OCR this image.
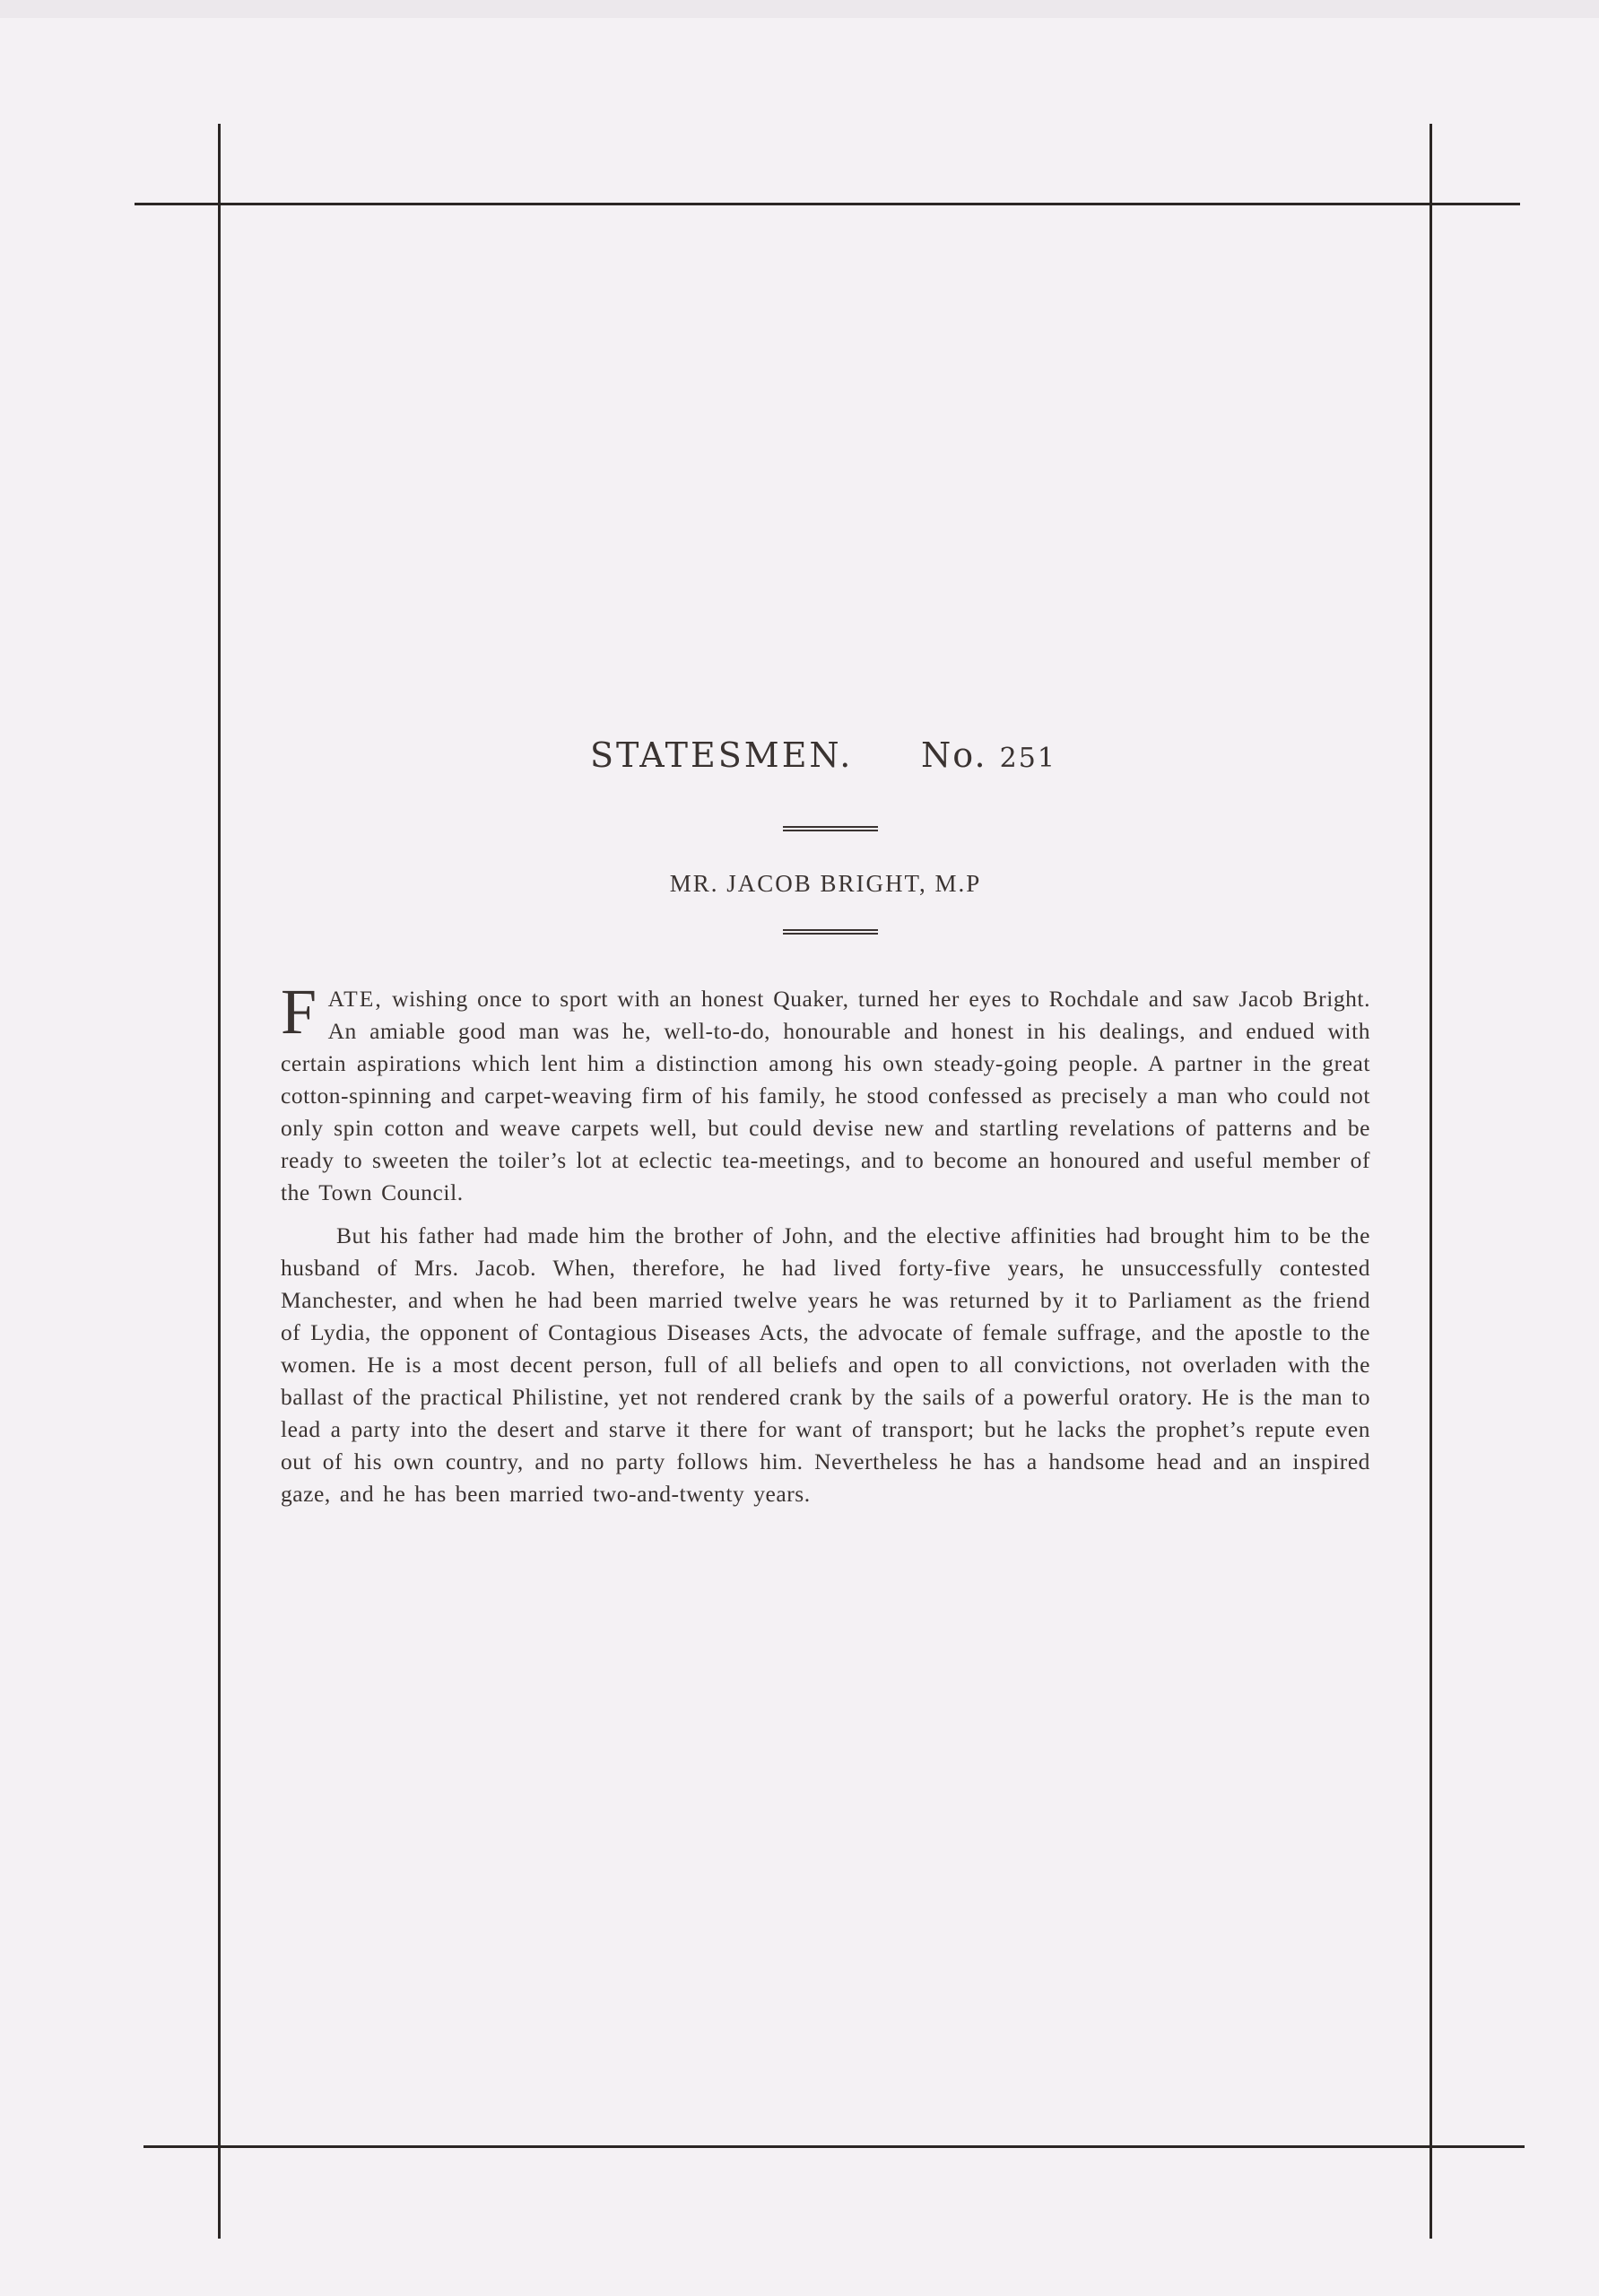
STATESMEN. No. 251
MR. JACOB BRIGHT, M.P

FATE, wishing once to sport with an honest Quaker, turned her eyes to Rochdale and saw Jacob Bright. An amiable good man was he, well-to-do, honourable and honest in his dealings, and endued with certain aspirations which lent him a distinction among his own steady-going people. A partner in the great cotton-spinning and carpet-weaving firm of his family, he stood confessed as precisely a man who could not only spin cotton and weave carpets well, but could devise new and startling revelations of patterns and be ready to sweeten the toiler’s lot at eclectic tea-meetings, and to become an honoured and useful member of the Town Council.

But his father had made him the brother of John, and the elective affinities had brought him to be the husband of Mrs. Jacob. When, therefore, he had lived forty-five years, he unsuccessfully contested Manchester, and when he had been married twelve years he was returned by it to Parliament as the friend of Lydia, the opponent of Contagious Diseases Acts, the advocate of female suffrage, and the apostle to the women. He is a most decent person, full of all beliefs and open to all convictions, not overladen with the ballast of the practical Philistine, yet not rendered crank by the sails of a powerful oratory. He is the man to lead a party into the desert and starve it there for want of transport; but he lacks the prophet’s repute even out of his own country, and no party follows him. Nevertheless he has a handsome head and an inspired gaze, and he has been married two-and-twenty years.
